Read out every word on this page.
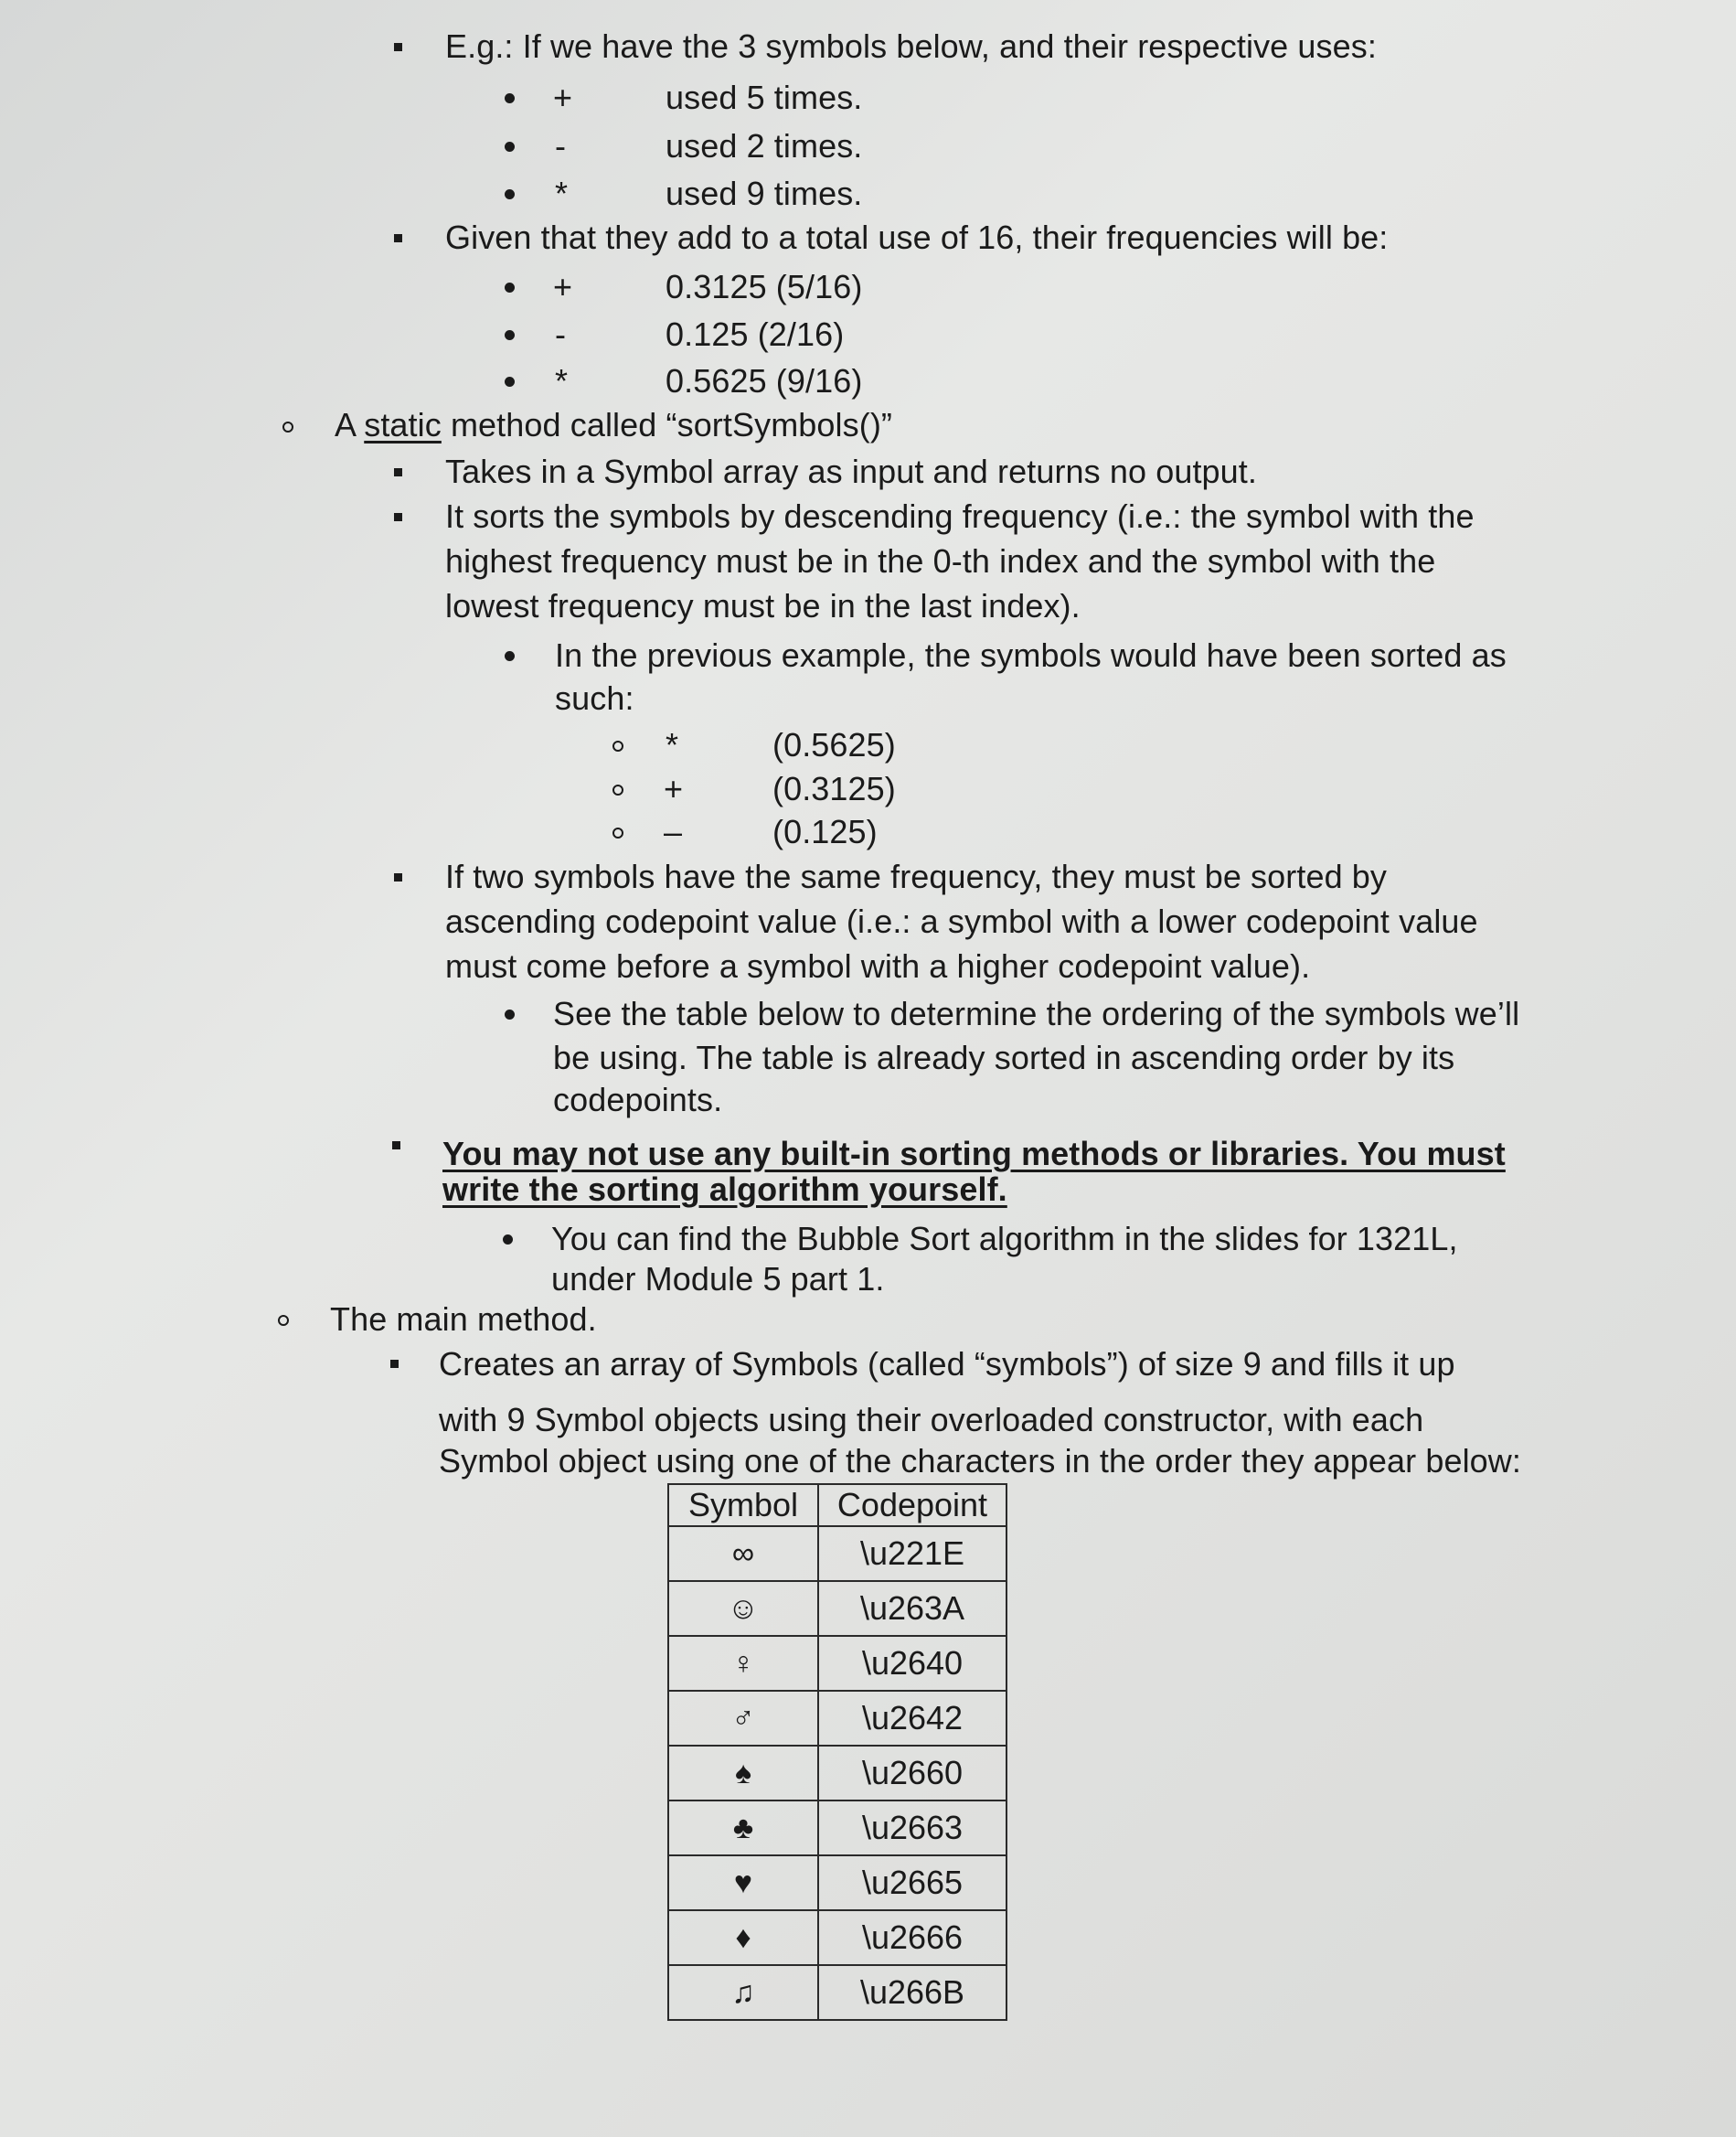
E.g.: If we have the 3 symbols below, and their respective uses:
+	used 5 times.
-	used 2 times.
*	used 9 times.
Given that they add to a total use of 16, their frequencies will be:
+	0.3125 (5/16)
-	0.125 (2/16)
*	0.5625 (9/16)
A static method called “sortSymbols()”
Takes in a Symbol array as input and returns no output.
It sorts the symbols by descending frequency (i.e.: the symbol with the
highest frequency must be in the 0-th index and the symbol with the
lowest frequency must be in the last index).
In the previous example, the symbols would have been sorted as
such:
*	(0.5625)
+	(0.3125)
–	(0.125)
If two symbols have the same frequency, they must be sorted by
ascending codepoint value (i.e.: a symbol with a lower codepoint value
must come before a symbol with a higher codepoint value).
See the table below to determine the ordering of the symbols we’ll
be using. The table is already sorted in ascending order by its
codepoints.
You may not use any built-in sorting methods or libraries. You must
write the sorting algorithm yourself.
You can find the Bubble Sort algorithm in the slides for 1321L,
under Module 5 part 1.
The main method.
Creates an array of Symbols (called “symbols”) of size 9 and fills it up
with 9 Symbol objects using their overloaded constructor, with each
Symbol object using one of the characters in the order they appear below:
Symbol	Codepoint
∞	\u221E
☺	\u263A
♀	\u2640
♂	\u2642
♠	\u2660
♣	\u2663
♥	\u2665
♦	\u2666
♫	\u266B
